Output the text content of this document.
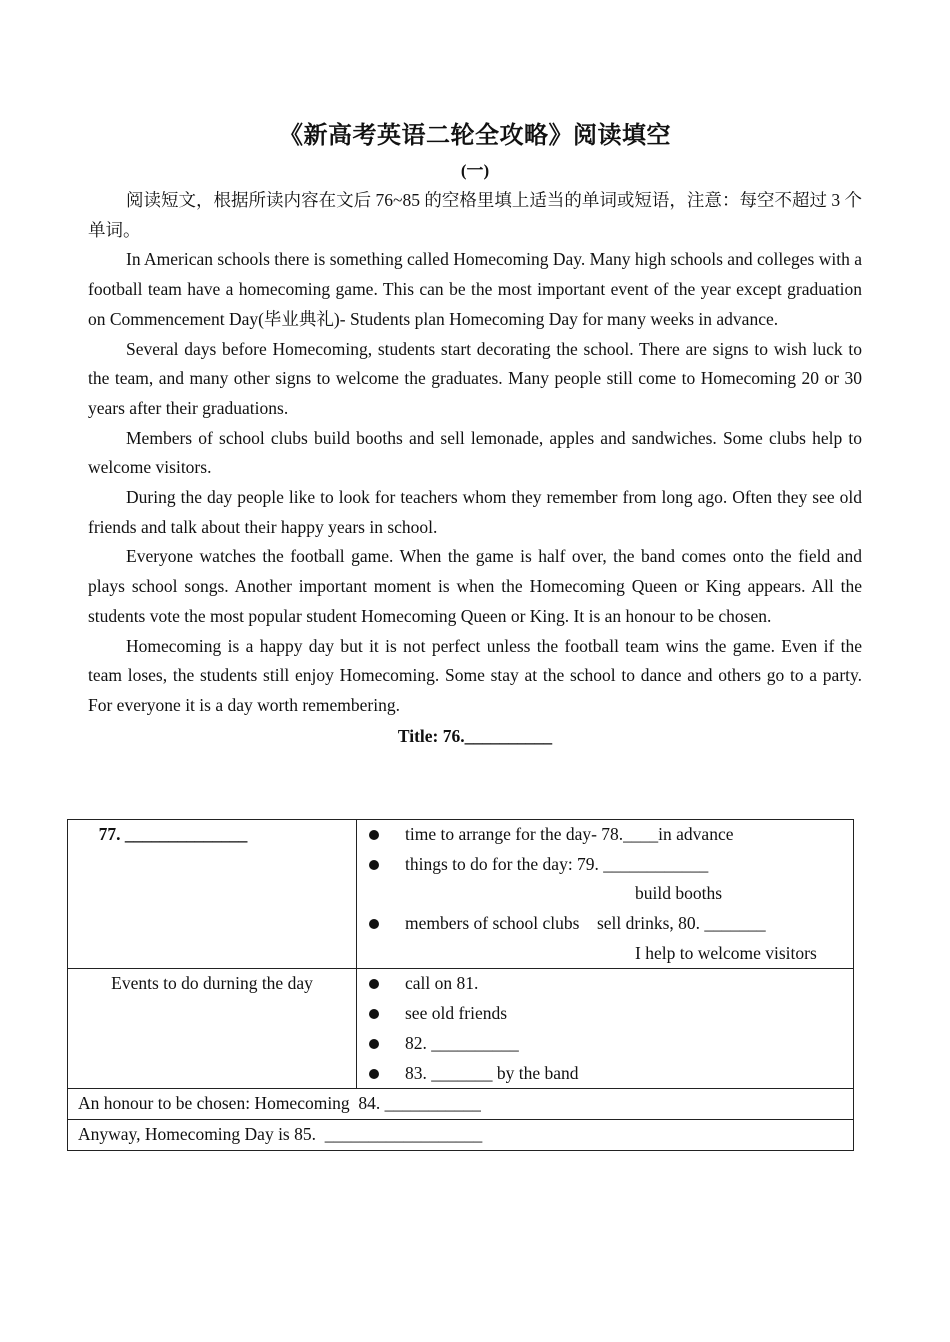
《新高考英语二轮全攻略》阅读填空
(一)

阅读短文，根据所读内容在文后 76~85 的空格里填上适当的单词或短语，注意：每空不超过 3 个单词。

In American schools there is something called Homecoming Day. Many high schools and colleges with a football team have a homecoming game. This can be the most important event of the year except graduation on Commencement Day(毕业典礼)- Students plan Homecoming Day for many weeks in advance.

Several days before Homecoming, students start decorating the school. There are signs to wish luck to the team, and many other signs to welcome the graduates. Many people still come to Homecoming 20 or 30 years after their graduations.

Members of school clubs build booths and sell lemonade, apples and sandwiches. Some clubs help to welcome visitors.

During the day people like to look for teachers whom they remember from long ago. Often they see old friends and talk about their happy years in school.

Everyone watches the football game. When the game is half over, the band comes onto the field and plays school songs. Another important moment is when the Homecoming Queen or King appears. All the students vote the most popular student Homecoming Queen or King. It is an honour to be chosen.

Homecoming is a happy day but it is not perfect unless the football team wins the game. Even if the team loses, the students still enjoy Homecoming. Some stay at the school to dance and others go to a party. For everyone it is a day worth remembering.

Title: 76.__________

77. ______________	time to arrange for the day- 78.____in advance
things to do for the day: 79. ____________
build booths
members of school clubs    sell drinks, 80. _______
I help to welcome visitors

Events to do durning the day	call on 81.
see old friends
82. __________
83. _______ by the band

An honour to be chosen: Homecoming  84. ___________	

Anyway, Homecoming Day is 85.  __________________	
